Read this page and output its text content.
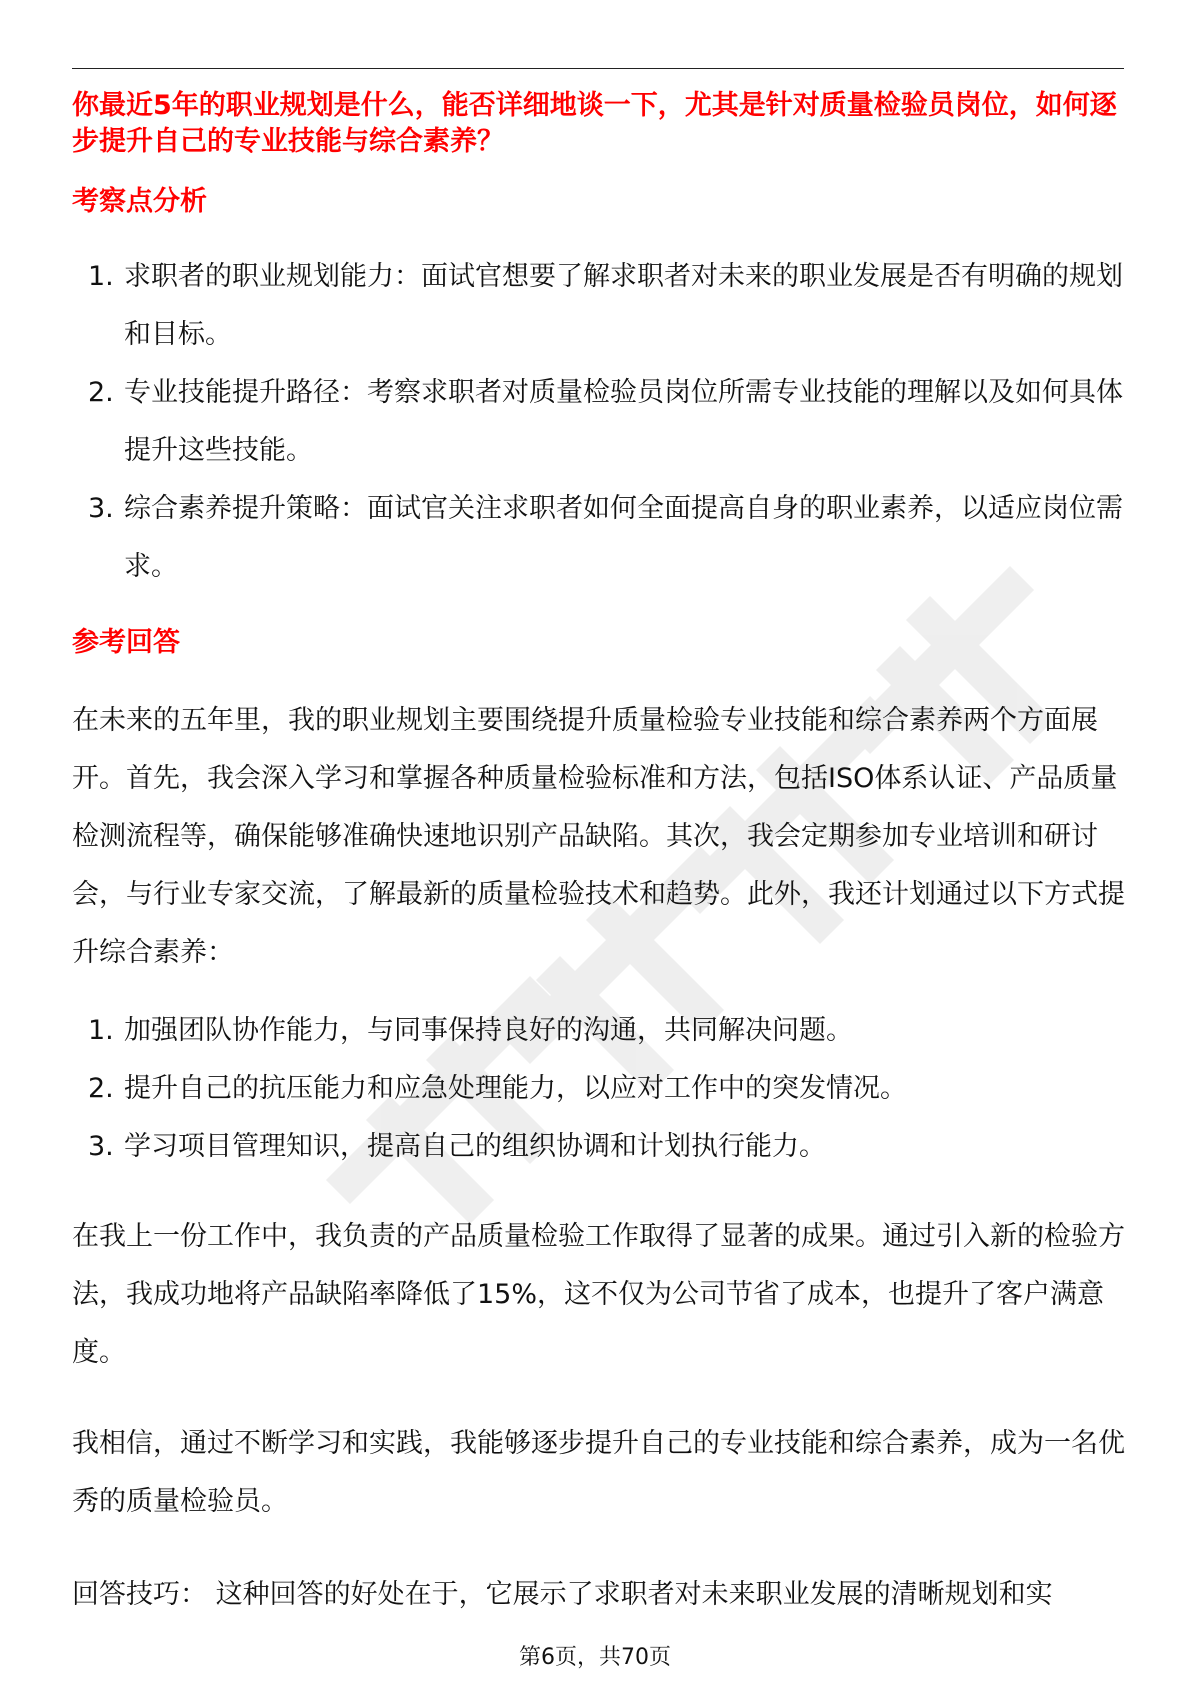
你最近5年的职业规划是什么，能否详细地谈一下，尤其是针对质量检验员岗位，如何逐步提升自己的专业技能与综合素养？

考察点分析
1. 求职者的职业规划能力：面试官想要了解求职者对未来的职业发展是否有明确的规划和目标。
2. 专业技能提升路径：考察求职者对质量检验员岗位所需专业技能的理解以及如何具体提升这些技能。
3. 综合素养提升策略：面试官关注求职者如何全面提高自身的职业素养，以适应岗位需求。
参考回答

在未来的五年里，我的职业规划主要围绕提升质量检验专业技能和综合素养两个方面展开。首先，我会深入学习和掌握各种质量检验标准和方法，包括ISO体系认证、产品质量检测流程等，确保能够准确快速地识别产品缺陷。其次，我会定期参加专业培训和研讨会，与行业专家交流，了解最新的质量检验技术和趋势。此外，我还计划通过以下方式提升综合素养：

1. 加强团队协作能力，与同事保持良好的沟通，共同解决问题。
2. 提升自己的抗压能力和应急处理能力，以应对工作中的突发情况。
3. 学习项目管理知识，提高自己的组织协调和计划执行能力。

在我上一份工作中，我负责的产品质量检验工作取得了显著的成果。通过引入新的检验方法，我成功地将产品缺陷率降低了15%，这不仅为公司节省了成本，也提升了客户满意度。

我相信，通过不断学习和实践，我能够逐步提升自己的专业技能和综合素养，成为一名优秀的质量检验员。

回答技巧： 这种回答的好处在于，它展示了求职者对未来职业发展的清晰规划和实

第6页，共70页
